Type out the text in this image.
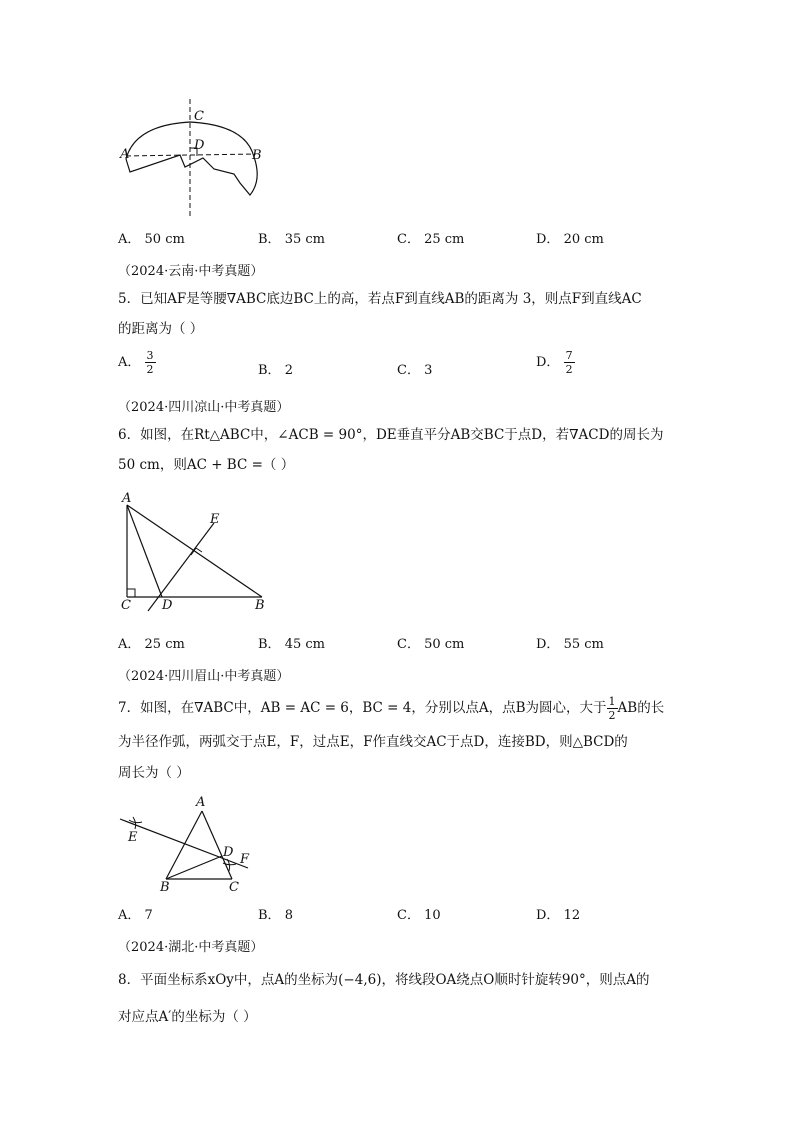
C
D
A	B
A． 50 cm	B． 35 cm	C． 25 cm	D． 20 cm
（2024·云南·中考真题）
5．已知AF是等腰∇ABC底边BC上的高，若点F到直线AB的距离为 3，则点F到直线AC
的距离为（ ）
A． $\frac{3}{2}$	B． 2	C． 3
D． $\frac{7}{2}$
（2024·四川凉山·中考真题）
6．如图，在Rt△ABC中，∠ACB = 90°，DE垂直平分AB交BC于点D，若∇ACD的周长为
50 cm，则AC + BC =（ ）
A
E
C D	B
A． 25 cm	B． 45 cm	C． 50 cm	D． 55 cm
（2024·四川眉山·中考真题）
7．如图，在∇ABC中，AB = AC = 6，BC = 4，分别以点A，点B为圆心，大于 $\frac{1}{2}$ AB的长
为半径作弧，两弧交于点E，F，过点E，F作直线交AC于点D，连接BD，则△BCD的
周长为（ ）
A
E
D F
B	C
A． 7	B． 8	C． 10	D． 12
（2024·湖北·中考真题）
8．平面坐标系xOy中，点A的坐标为(−4,6)，将线段OA绕点O顺时针旋转90°，则点A的
对应点A′的坐标为（ ）
